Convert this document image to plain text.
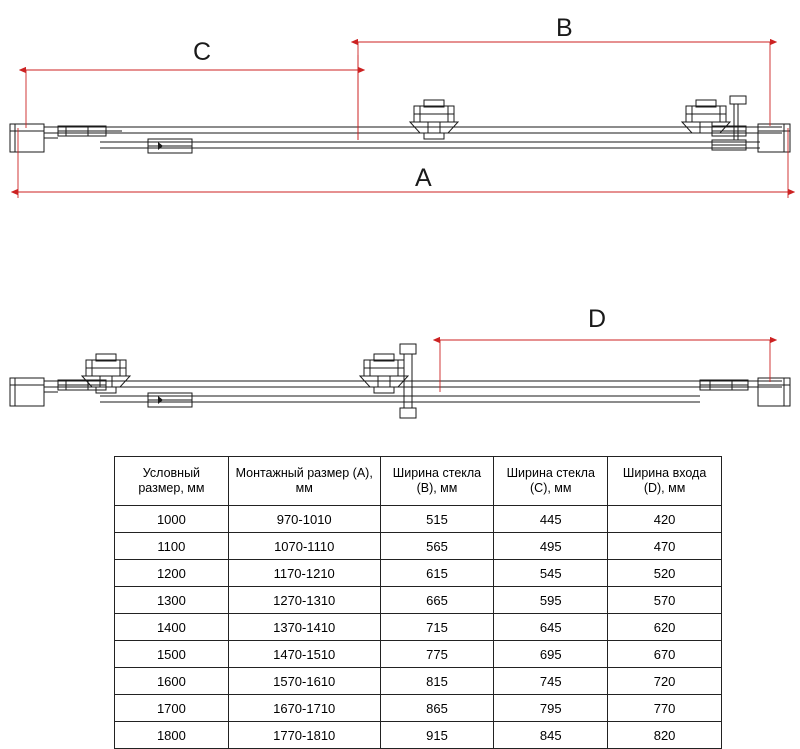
C
B
A
D
Условный размер, мм	Монтажный размер (A), мм	Ширина стекла (B), мм	Ширина стекла (C), мм	Ширина входа (D), мм
1000	970-1010	515	445	420
1100	1070-1110	565	495	470
1200	1170-1210	615	545	520
1300	1270-1310	665	595	570
1400	1370-1410	715	645	620
1500	1470-1510	775	695	670
1600	1570-1610	815	745	720
1700	1670-1710	865	795	770
1800	1770-1810	915	845	820
